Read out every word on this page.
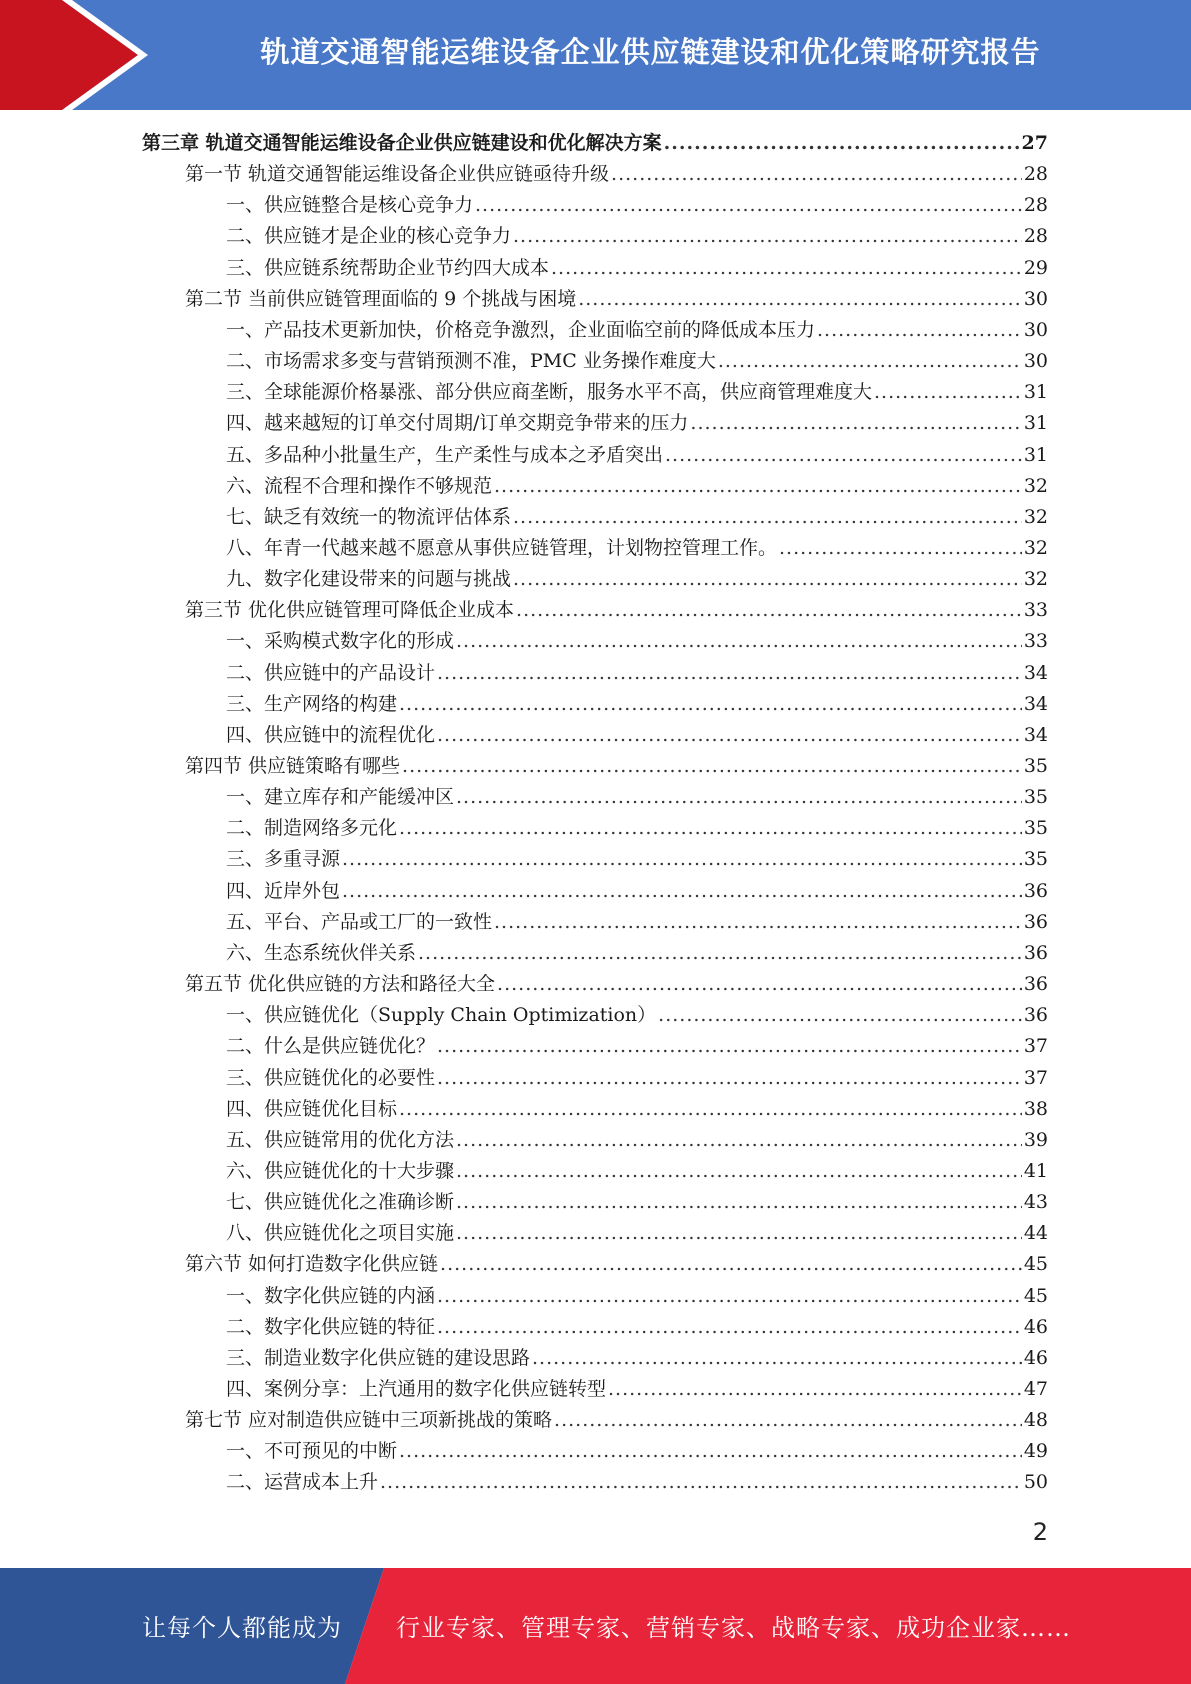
轨道交通智能运维设备企业供应链建设和优化策略研究报告
第三章 轨道交通智能运维设备企业供应链建设和优化解决方案 .....	27
第一节 轨道交通智能运维设备企业供应链亟待升级 .....	28
一、供应链整合是核心竞争力 .....	28
二、供应链才是企业的核心竞争力 .....	28
三、供应链系统帮助企业节约四大成本 .....	29
第二节 当前供应链管理面临的 9 个挑战与困境 .....	30
一、产品技术更新加快，价格竞争激烈，企业面临空前的降低成本压力 .....	30
二、市场需求多变与营销预测不准，PMC 业务操作难度大 .....	30
三、全球能源价格暴涨、部分供应商垄断，服务水平不高，供应商管理难度大 .....	31
四、越来越短的订单交付周期/订单交期竞争带来的压力 .....	31
五、多品种小批量生产，生产柔性与成本之矛盾突出 .....	31
六、流程不合理和操作不够规范 .....	32
七、缺乏有效统一的物流评估体系 .....	32
八、年青一代越来越不愿意从事供应链管理，计划物控管理工作。 .....	32
九、数字化建设带来的问题与挑战 .....	32
第三节 优化供应链管理可降低企业成本 .....	33
一、采购模式数字化的形成 .....	33
二、供应链中的产品设计 .....	34
三、生产网络的构建 .....	34
四、供应链中的流程优化 .....	34
第四节 供应链策略有哪些 .....	35
一、建立库存和产能缓冲区 .....	35
二、制造网络多元化 .....	35
三、多重寻源 .....	35
四、近岸外包 .....	36
五、平台、产品或工厂的一致性 .....	36
六、生态系统伙伴关系 .....	36
第五节 优化供应链的方法和路径大全 .....	36
一、供应链优化（Supply Chain Optimization） .....	36
二、什么是供应链优化？ .....	37
三、供应链优化的必要性 .....	37
四、供应链优化目标 .....	38
五、供应链常用的优化方法 .....	39
六、供应链优化的十大步骤 .....	41
七、供应链优化之准确诊断 .....	43
八、供应链优化之项目实施 .....	44
第六节 如何打造数字化供应链 .....	45
一、数字化供应链的内涵 .....	45
二、数字化供应链的特征 .....	46
三、制造业数字化供应链的建设思路 .....	46
四、案例分享：上汽通用的数字化供应链转型 .....	47
第七节 应对制造供应链中三项新挑战的策略 .....	48
一、不可预见的中断 .....	49
二、运营成本上升 .....	50
2
让每个人都能成为 行业专家、管理专家、营销专家、战略专家、成功企业家……
